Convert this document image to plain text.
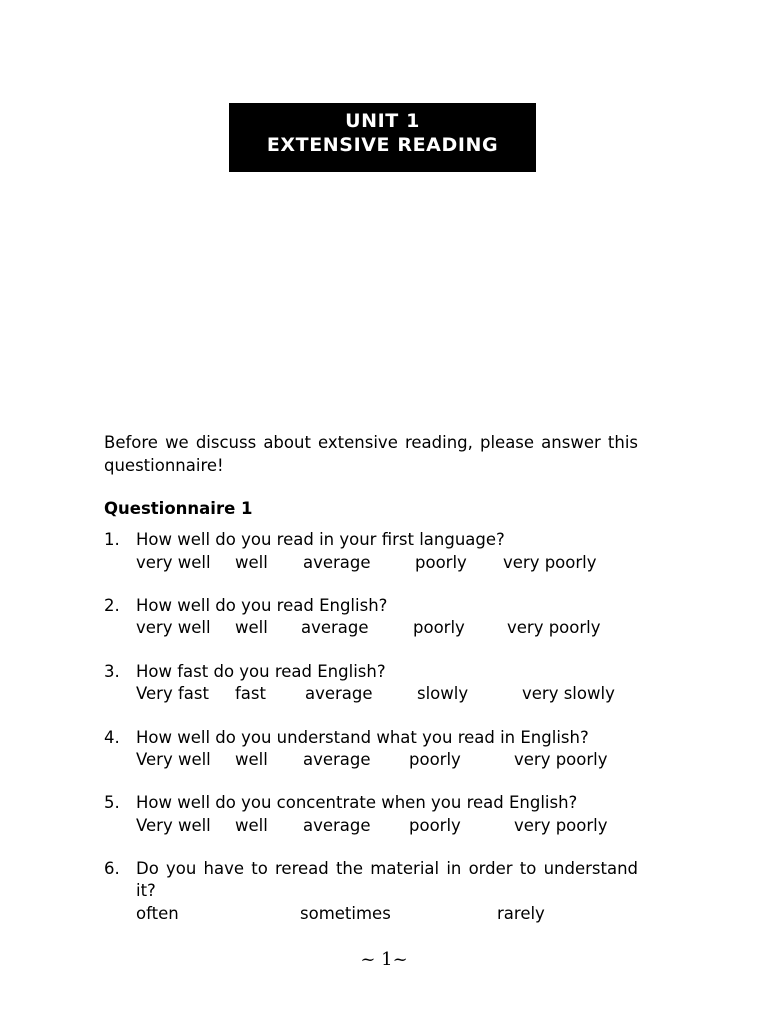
UNIT 1
EXTENSIVE READING

Before we discuss about extensive reading, please answer this questionnaire!

Questionnaire 1

1. How well do you read in your first language?
very well well average	poorly very poorly
2. How well do you read English?
very well well average	poorly	very poorly
3. How fast do you read English?
Very fast fast average	slowly	very slowly
4. How well do you understand what you read in English?
Very well well average poorly	very poorly
5. How well do you concentrate when you read English?
Very well well average poorly	very poorly
6. Do you have to reread the material in order to understand it?
often	sometimes	rarely
~ 1~
